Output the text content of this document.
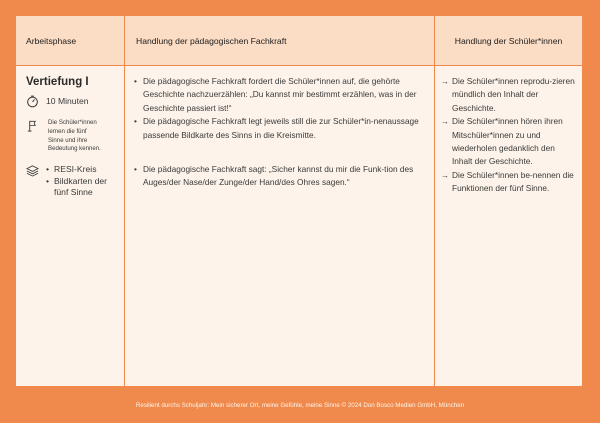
Arbeitsphase	Handlung der pädagogischen Fachkraft	Handlung der Schüler*innen
Vertiefung I
10 Minuten
Die Schüler*innen
lernen die fünf
Sinne und ihre
Bedeutung kennen.
• RESI-Kreis
• Bildkarten der fünf Sinne
• Die pädagogische Fachkraft fordert die Schüler*innen auf, die gehörte Geschichte nachzuerzählen: „Du kannst mir bestimmt erzählen, was in der Geschichte passiert ist!“
• Die pädagogische Fachkraft legt jeweils still die zur Schüler*in-nenaussage passende Bildkarte des Sinns in die Kreismitte.
• Die pädagogische Fachkraft sagt: „Sicher kannst du mir die Funk-tion des Auges/der Nase/der Zunge/der Hand/des Ohres sagen.“
→ Die Schüler*innen reprodu-zieren mündlich den Inhalt der Geschichte.
→ Die Schüler*innen hören ihren Mitschüler*innen zu und wiederholen gedanklich den Inhalt der Geschichte.
→ Die Schüler*innen be-nennen die Funktionen der fünf Sinne.
Resilient durchs Schuljahr: Mein sicherer Ort, meine Gefühle, meine Sinne © 2024 Don Bosco Medien GmbH, München
